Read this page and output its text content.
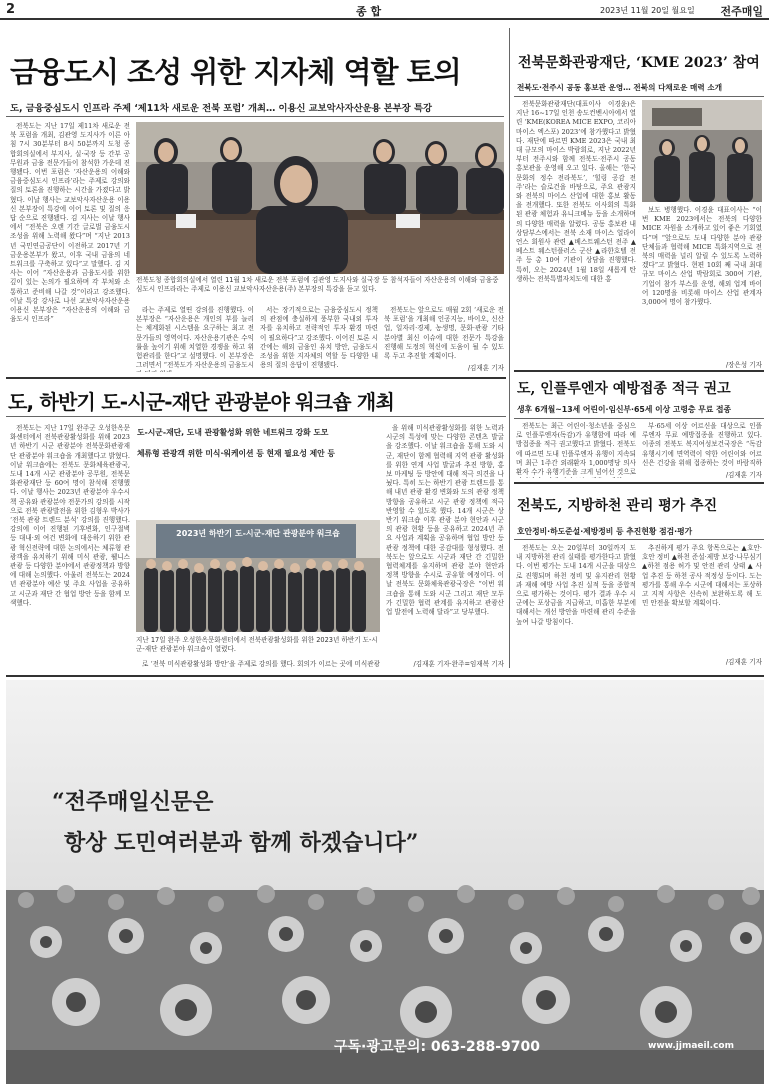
2	종 합	2023년 11월 20일 월요일 전주매일
금융도시 조성 위한 지자체 역할 토의
도, 금융중심도시 인프라 주제 ‘제11차 새로운 전북 포럼’ 개최… 이용신 교보악사자산운용 본부장 특강

전북도는 지난 17일 제11차 새로운 전북 포럼을 개최, 김관영 도지사가 이른 아침 7시 30분부터 8시 50분까지 도청 종합회의실에서 부지사, 실·국장 등 간부 공무원과 금융 전문가들이 참석한 가운데 진행됐다. 이번 포럼은 ‘자산운용의 이해와 금융중심도시 인프라’라는 주제로 강의와 질의 토론을 진행하는 시간을 가졌다고 밝혔다. 이날 행사는 교보악사자산운용 이용신 본부장이 특강에 이어 토론 및 질의 응답 순으로 진행됐다. 김 지사는 이날 행사에서 “전북은 오랜 기간 글로벌 금융도시 조성을 위해 노력해 왔다”며 “지난 2013년 국민연금공단이 이전하고 2017년 기금운용본부가 왔고, 이후 국내 금융의 네트워크를 구축하고 있다”고 말했다. 김 지사는 이어 “자산운용과 금융도시를 위한 깊이 있는 논의가 필요하며 각 부처와 소통하고 준비해 나갈 것”이라고 강조했다. 이날 특강 강사로 나선 교보악사자산운용 이용신 본부장은 “자산운용의 이해와 금융도시 인프라”

전북도청 종합회의실에서 열린 11월 1차 새로운 전북 포럼에 김관영 도지사와 실국장 등 참석자들이 자산운용의 이해와 금융중심도시 인프라라는 주제로 이용신 교보악사자산운용(주) 본부장의 특강을 듣고 있다.

라는 주제로 열띤 강의를 진행했다. 이 본부장은 “자산운용은 개인의 부를 늘리는 체계화된 시스템을 요구하는 최고 전문가들의 영역이다. 자산운용기관은 수익률을 높이기 위해 치열한 경쟁을 하고 위험관리를 한다”고 설명했다. 이 본부장은 그러면서 “전북도가 자산운용의 금융도시

서는 장기적으로는 금융중심도시 정책의 관점에 충실하게 풍부한 국내외 투자자를 유치하고 전략적인 투자 환경 마련이 필요하다”고 강조했다. 이어진 토론 시간에는 해외 금융인 유치 방안, 금융도시 조성을 위한 지자체의 역할 등 다양한 내용의 질의 응답이 진행됐다.

전북도는 앞으로도 매월 2회 ‘새로운 전북 포럼’을 개최해 인공지능, 바이오, 신산업, 일자리·경제, 농생명, 문화·관광 기타 분야별 최신 이슈에 대한 전문가 특강을 진행해 도정의 혁신에 도움이 될 수 있도록 두고 추진할 계획이다.

/김재훈 기자
전북문화관광재단, ‘KME 2023’ 참여
전북도·전주시 공동 홍보관 운영… 전북의 다채로운 매력 소개

전북문화관광재단(대표이사 이경윤)은 지난 16~17일 인천 송도컨벤시아에서 열린 ‘KME(KOREA MICE EXPO, 코리아 마이스 엑스포) 2023’에 참가했다고 밝혔다. 재단에 따르면 KME 2023은 국내 최대 규모의 마이스 박람회로, 지난 2022년부터 전주시와 함께 전북도·전주시 공동 홍보관을 운영해 오고 있다. 올해는 ‘한국 문화의 정수 전라북도’, ‘힐링 공감 전주’라는 슬로건을 바탕으로, 주요 관광지와 전북의 마이스 산업에 대한 홍보 활동을 전개했다. 또한 전북도 이사회의 특화된 관광 체험과 유니크베뉴 등을 소개하며 의 다양한 매력을 알렸다. 공동 홍보관 내 상담부스에서는 전북 소재 마이스 얼라이언스 회원사 관련 ▲베스트웨스턴 전주 ▲베스트 웨스턴플러스 군산 ▲라한호텔 전주 등 총 10여 기관이 상담을 진행했다. 특히, 오는 2024년 1월 18일 새롭게 탄생하는 전북특별자치도에 대한 홍

보도 병행했다. 이경윤 대표이사는 “이번 KME 2023에서는 전북의 다양한 MICE 자원을 소개하고 있어 좋은 기회였다”며 “앞으로도 도내 다양한 분야 관광 단체들과 협력해 MICE 특화지역으로 전북의 매력을 널리 알릴 수 있도록 노력하겠다”고 밝혔다. 현편 10회 째 국내 최대 규모 마이스 산업 박람회로 300여 기관, 기업이 참가 부스를 운영, 해외 업계 바이어 120명을 비롯해 마이스 산업 관계자 3,000여 명이 참가했다.

/장은성 기자
도, 인플루엔자 예방접종 적극 권고
생후 6개월~13세 어린이·임신부·65세 이상 고령층 무료 접종

전북도는 최근 어린이·청소년을 중심으로 인플루엔자(독감)가 유행함에 따라 예방접종을 적극 권고했다고 밝혔다. 전북도에 따르면 도내 인플루엔자 유행이 지속되며 최근 1주간 외래환자 1,000명당 의사환자 수가 유행기준을 크게 넘어선 것으로

부·65세 이상 어르신을 대상으로 인플루엔자 무료 예방접종을 진행하고 있다. 이종의 전북도 복지여성보건국장은 “독감 유행시기에 면역력이 약한 어린이와 어르신은 건강을 위해 접종하는 것이 바람직하

/김재훈 기자
전북도, 지방하천 관리 평가 추진
호안정비·하도준설·제방정비 등 추진현황 점검·평가

전북도는 오는 20일부터 30일까지 도내 지방하천 관리 실태를 평가한다고 밝혔다. 이번 평가는 도내 14개 시군을 대상으로 진행되며 하천 정비 및 유지관리 현황과 재해 예방 사업 추진 실적 등을 종합적으로 평가하는 것이다. 평가 결과 우수 시군에는 포상금을 지급하고, 미흡한 부분에 대해서는 개선 방안을 마련해 관리 수준을 높여 나갈 방침이다.

추진하게 평가 주요 항목으로는 ▲호안·호안 정비 ▲하천 준설·제방 보강·나무심기 ▲하천 점용 허가 및 안전 관리 상태 ▲ 사업 추진 등 하천 공사 적정성 등이다. 도는 평가를 통해 우수 시군에 대해서는 포상하고 지적 사항은 신속히 보완하도록 해 도민 안전을 확보할 계획이다.

/김재훈 기자
도, 하반기 도-시군-재단 관광분야 워크숍 개최

전북도는 지난 17일 완주군 오성한옥문화센터에서 전북관광활성화를 위해 2023년 하반기 시군 관광분야 전북문화관광재단 관광분야 워크숍을 개최했다고 밝혔다. 이날 워크숍에는 전북도 문화체육관광국, 도내 14개 시군 관광분야 공무원, 전북문화관광재단 등 60여 명이 참석해 진행했다. 이날 행사는 2023년 관광분야 우수시책 공유와 관광분야 전문가의 강의를 시작으로 전북 관광발전을 위한 김형우 박사가 ‘전북 관광 트렌드 분석’ 강의를 진행했다. 강의에 이어 진행된 기후변화, 인구절벽 등 대내·외 여건 변화에 대응하기 위한 관광 혁신전략에 대한 논의에서는 체류형 관광객을 유치하기 위해 미식 관광, 웰니스 관광 등 다양한 분야에서 관광정책과 방향에 대해 논의했다. 아울러 전북도는 2024년 관광분야 예산 및 주요 사업을 공유하고 시군과 재단 간 협업 방안 등을 함께 모색했다.

도-시군-재단, 도내 관광활성화 위한 네트워크 강화 도모
체류형 관광객 위한 미식·워케이션 등 현재 필요성 제안 등
2023년 하반기 도-시군-재단 관광분야 워크숍
지난 17일 완주 오성한옥문화센터에서 전북관광활성화를 위한 2023년 하반기 도-시군-재단 관광분야 워크숍이 열렸다.

로 ‘전북 미식관광활성화 방안’을 주제로 강의를 했다. 회의가 이르는 곳에 미식관광

을 위해 미식관광활성화를 위한 노력과 시군의 특성에 맞는 다양한 콘텐츠 발굴을 강조했다. 이날 워크숍을 통해 도와 시군, 재단이 함께 협력해 지역 관광 활성화를 위한 연계 사업 발굴과 추진 방향, 홍보 마케팅 등 방안에 대해 적극 의견을 나눴다. 특히 도는 하반기 관광 트렌드를 통해 내년 관광 환경 변화와 도의 관광 정책 방향을 공유하고 시군 관광 정책에 적극 반영할 수 있도록 했다. 14개 시군은 상반기 워크숍 이후 관광 분야 현안과 시군의 관광 현황 등을 공유하고 2024년 주요 사업과 계획을 공유하며 협업 방안 등 관광 정책에 대한 공감대를 형성했다. 전북도는 앞으로도 시군과 재단 간 긴밀한 협력체계를 유지하며 관광 분야 현안과 정책 방향을 수시로 공유할 예정이다. 이날 전북도 문화체육관광국장은 “이번 워크숍을 통해 도와 시군 그리고 재단 모두가 긴밀한 협력 관계를 유지하고 관광산업 발전에 노력해 달라”고 당부했다.

/김재훈 기자·완주=임재복 기자
“전주매일신문은
항상 도민여러분과 함께 하겠습니다”
구독·광고문의: 063-288-9700	www.jjmaeil.com
